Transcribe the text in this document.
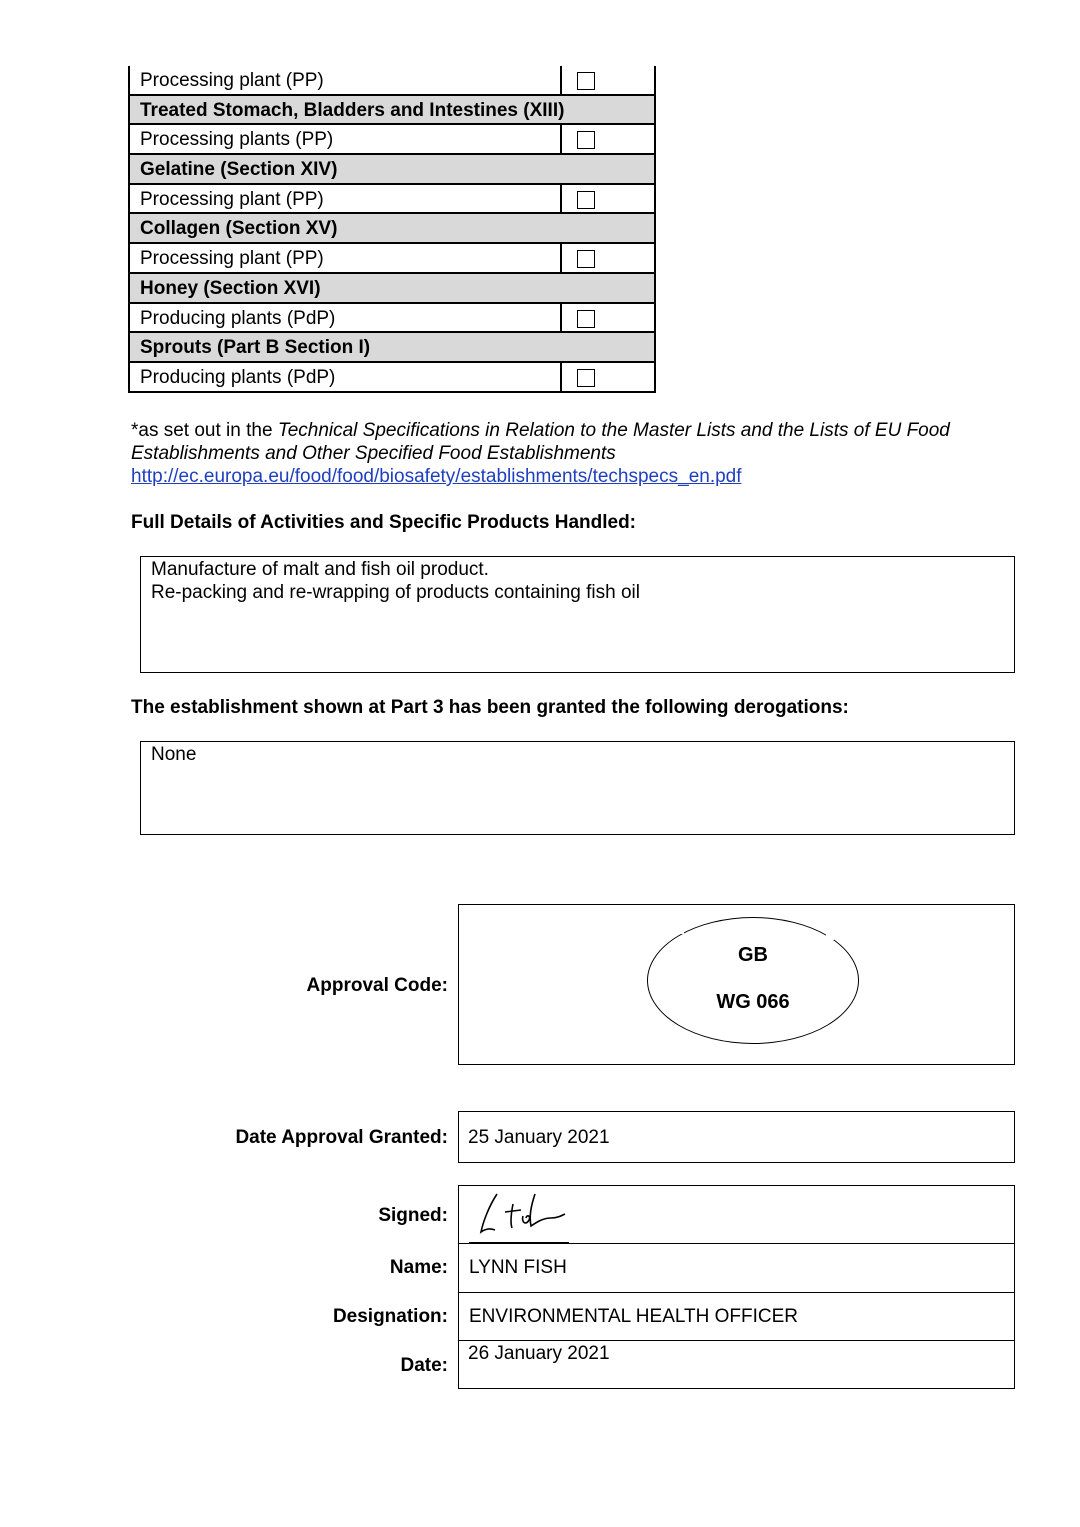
Processing plant (PP)
Treated Stomach, Bladders and Intestines (XIII)
Processing plants (PP)
Gelatine (Section XIV)
Processing plant (PP)
Collagen (Section XV)
Processing plant (PP)
Honey (Section XVI)
Producing plants (PdP)
Sprouts (Part B Section I)
Producing plants (PdP)
*as set out in the Technical Specifications in Relation to the Master Lists and the Lists of EU Food Establishments and Other Specified Food Establishments
http://ec.europa.eu/food/food/biosafety/establishments/techspecs_en.pdf
Full Details of Activities and Specific Products Handled:
Manufacture of malt and fish oil product.
Re-packing and re-wrapping of products containing fish oil
The establishment shown at Part 3 has been granted the following derogations:
None
Approval Code:
GB
WG 066
Date Approval Granted: 25 January 2021
LYNN FISH
ENVIRONMENTAL HEALTH OFFICER
26 January 2021
Signed:
Name:
Designation:
Date:
